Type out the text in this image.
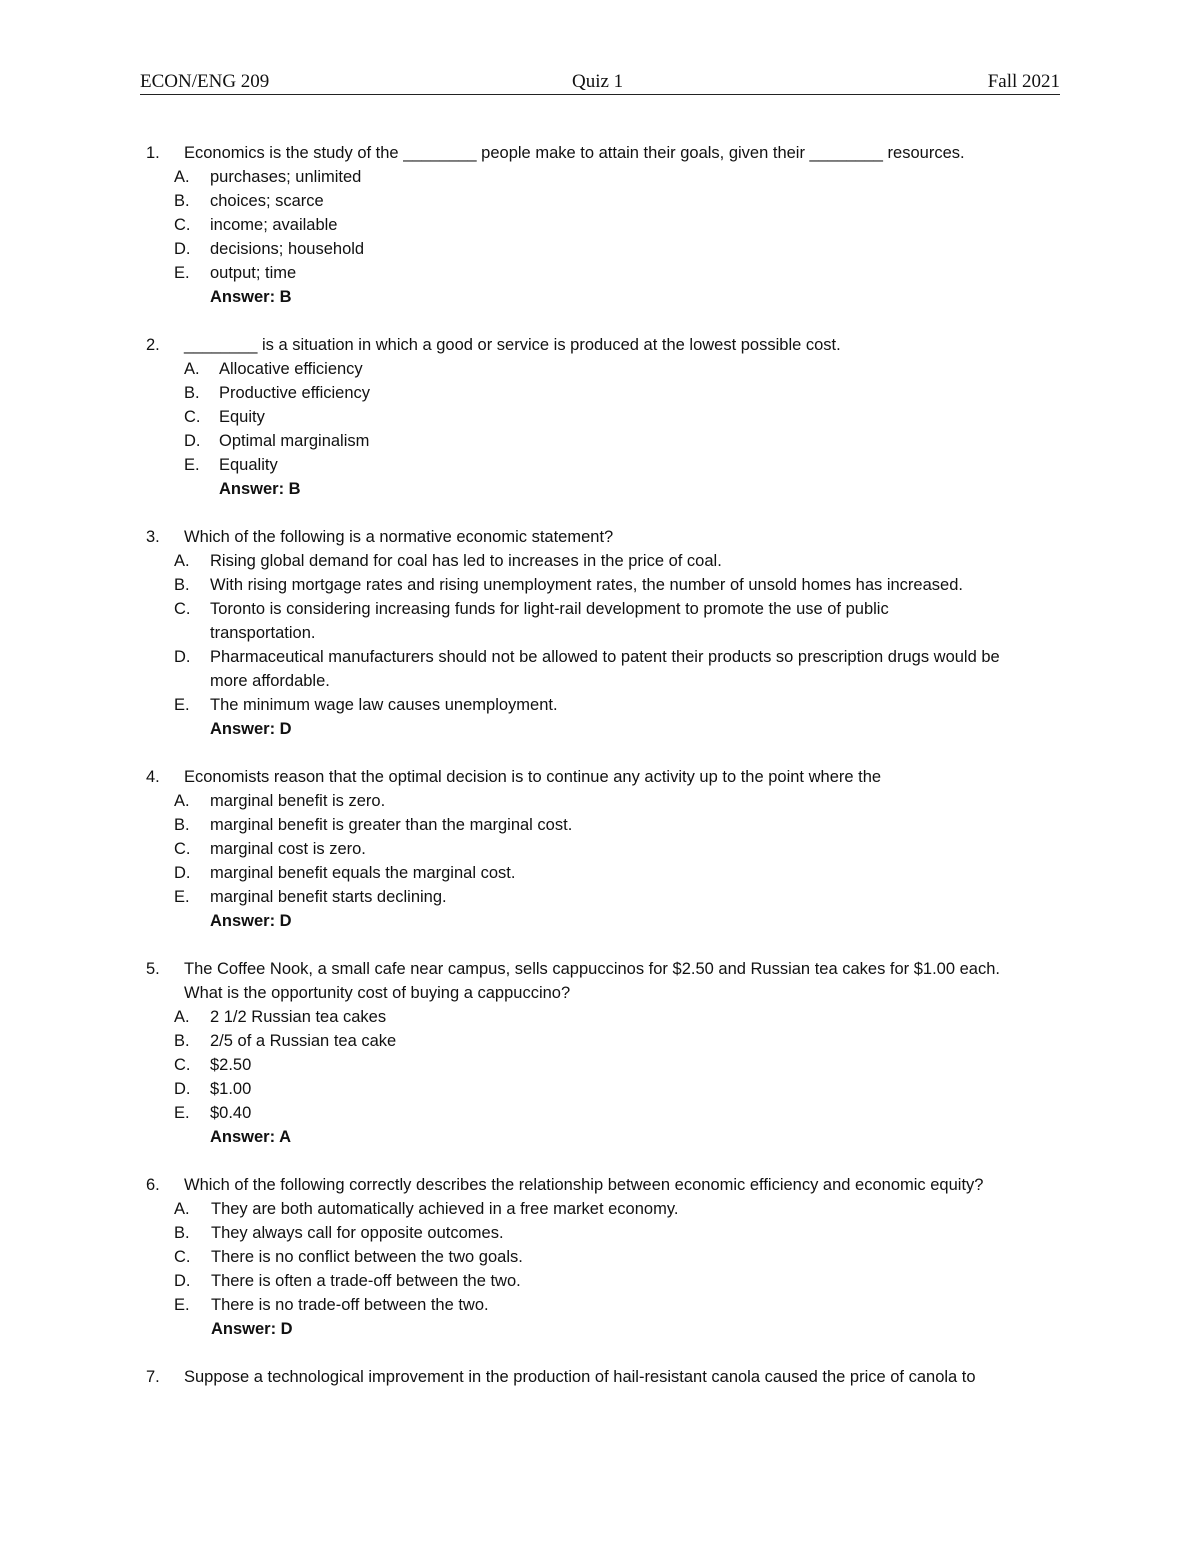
ECON/ENG 209	Quiz 1	Fall 2021
1. Economics is the study of the ________ people make to attain their goals, given their ________ resources.
A. purchases; unlimited
B. choices; scarce
C. income; available
D. decisions; household
E. output; time
Answer: B
2. ________ is a situation in which a good or service is produced at the lowest possible cost.
A. Allocative efficiency
B. Productive efficiency
C. Equity
D. Optimal marginalism
E. Equality
Answer: B
3. Which of the following is a normative economic statement?
A. Rising global demand for coal has led to increases in the price of coal.
B. With rising mortgage rates and rising unemployment rates, the number of unsold homes has increased.
C. Toronto is considering increasing funds for light-rail development to promote the use of public transportation.
D. Pharmaceutical manufacturers should not be allowed to patent their products so prescription drugs would be more affordable.
E. The minimum wage law causes unemployment.
Answer: D
4. Economists reason that the optimal decision is to continue any activity up to the point where the
A. marginal benefit is zero.
B. marginal benefit is greater than the marginal cost.
C. marginal cost is zero.
D. marginal benefit equals the marginal cost.
E. marginal benefit starts declining.
Answer: D
5. The Coffee Nook, a small cafe near campus, sells cappuccinos for $2.50 and Russian tea cakes for $1.00 each. What is the opportunity cost of buying a cappuccino?
A. 2 1/2 Russian tea cakes
B. 2/5 of a Russian tea cake
C. $2.50
D. $1.00
E. $0.40
Answer: A
6. Which of the following correctly describes the relationship between economic efficiency and economic equity?
A. They are both automatically achieved in a free market economy.
B. They always call for opposite outcomes.
C. There is no conflict between the two goals.
D. There is often a trade-off between the two.
E. There is no trade-off between the two.
Answer: D
7. Suppose a technological improvement in the production of hail-resistant canola caused the price of canola to
